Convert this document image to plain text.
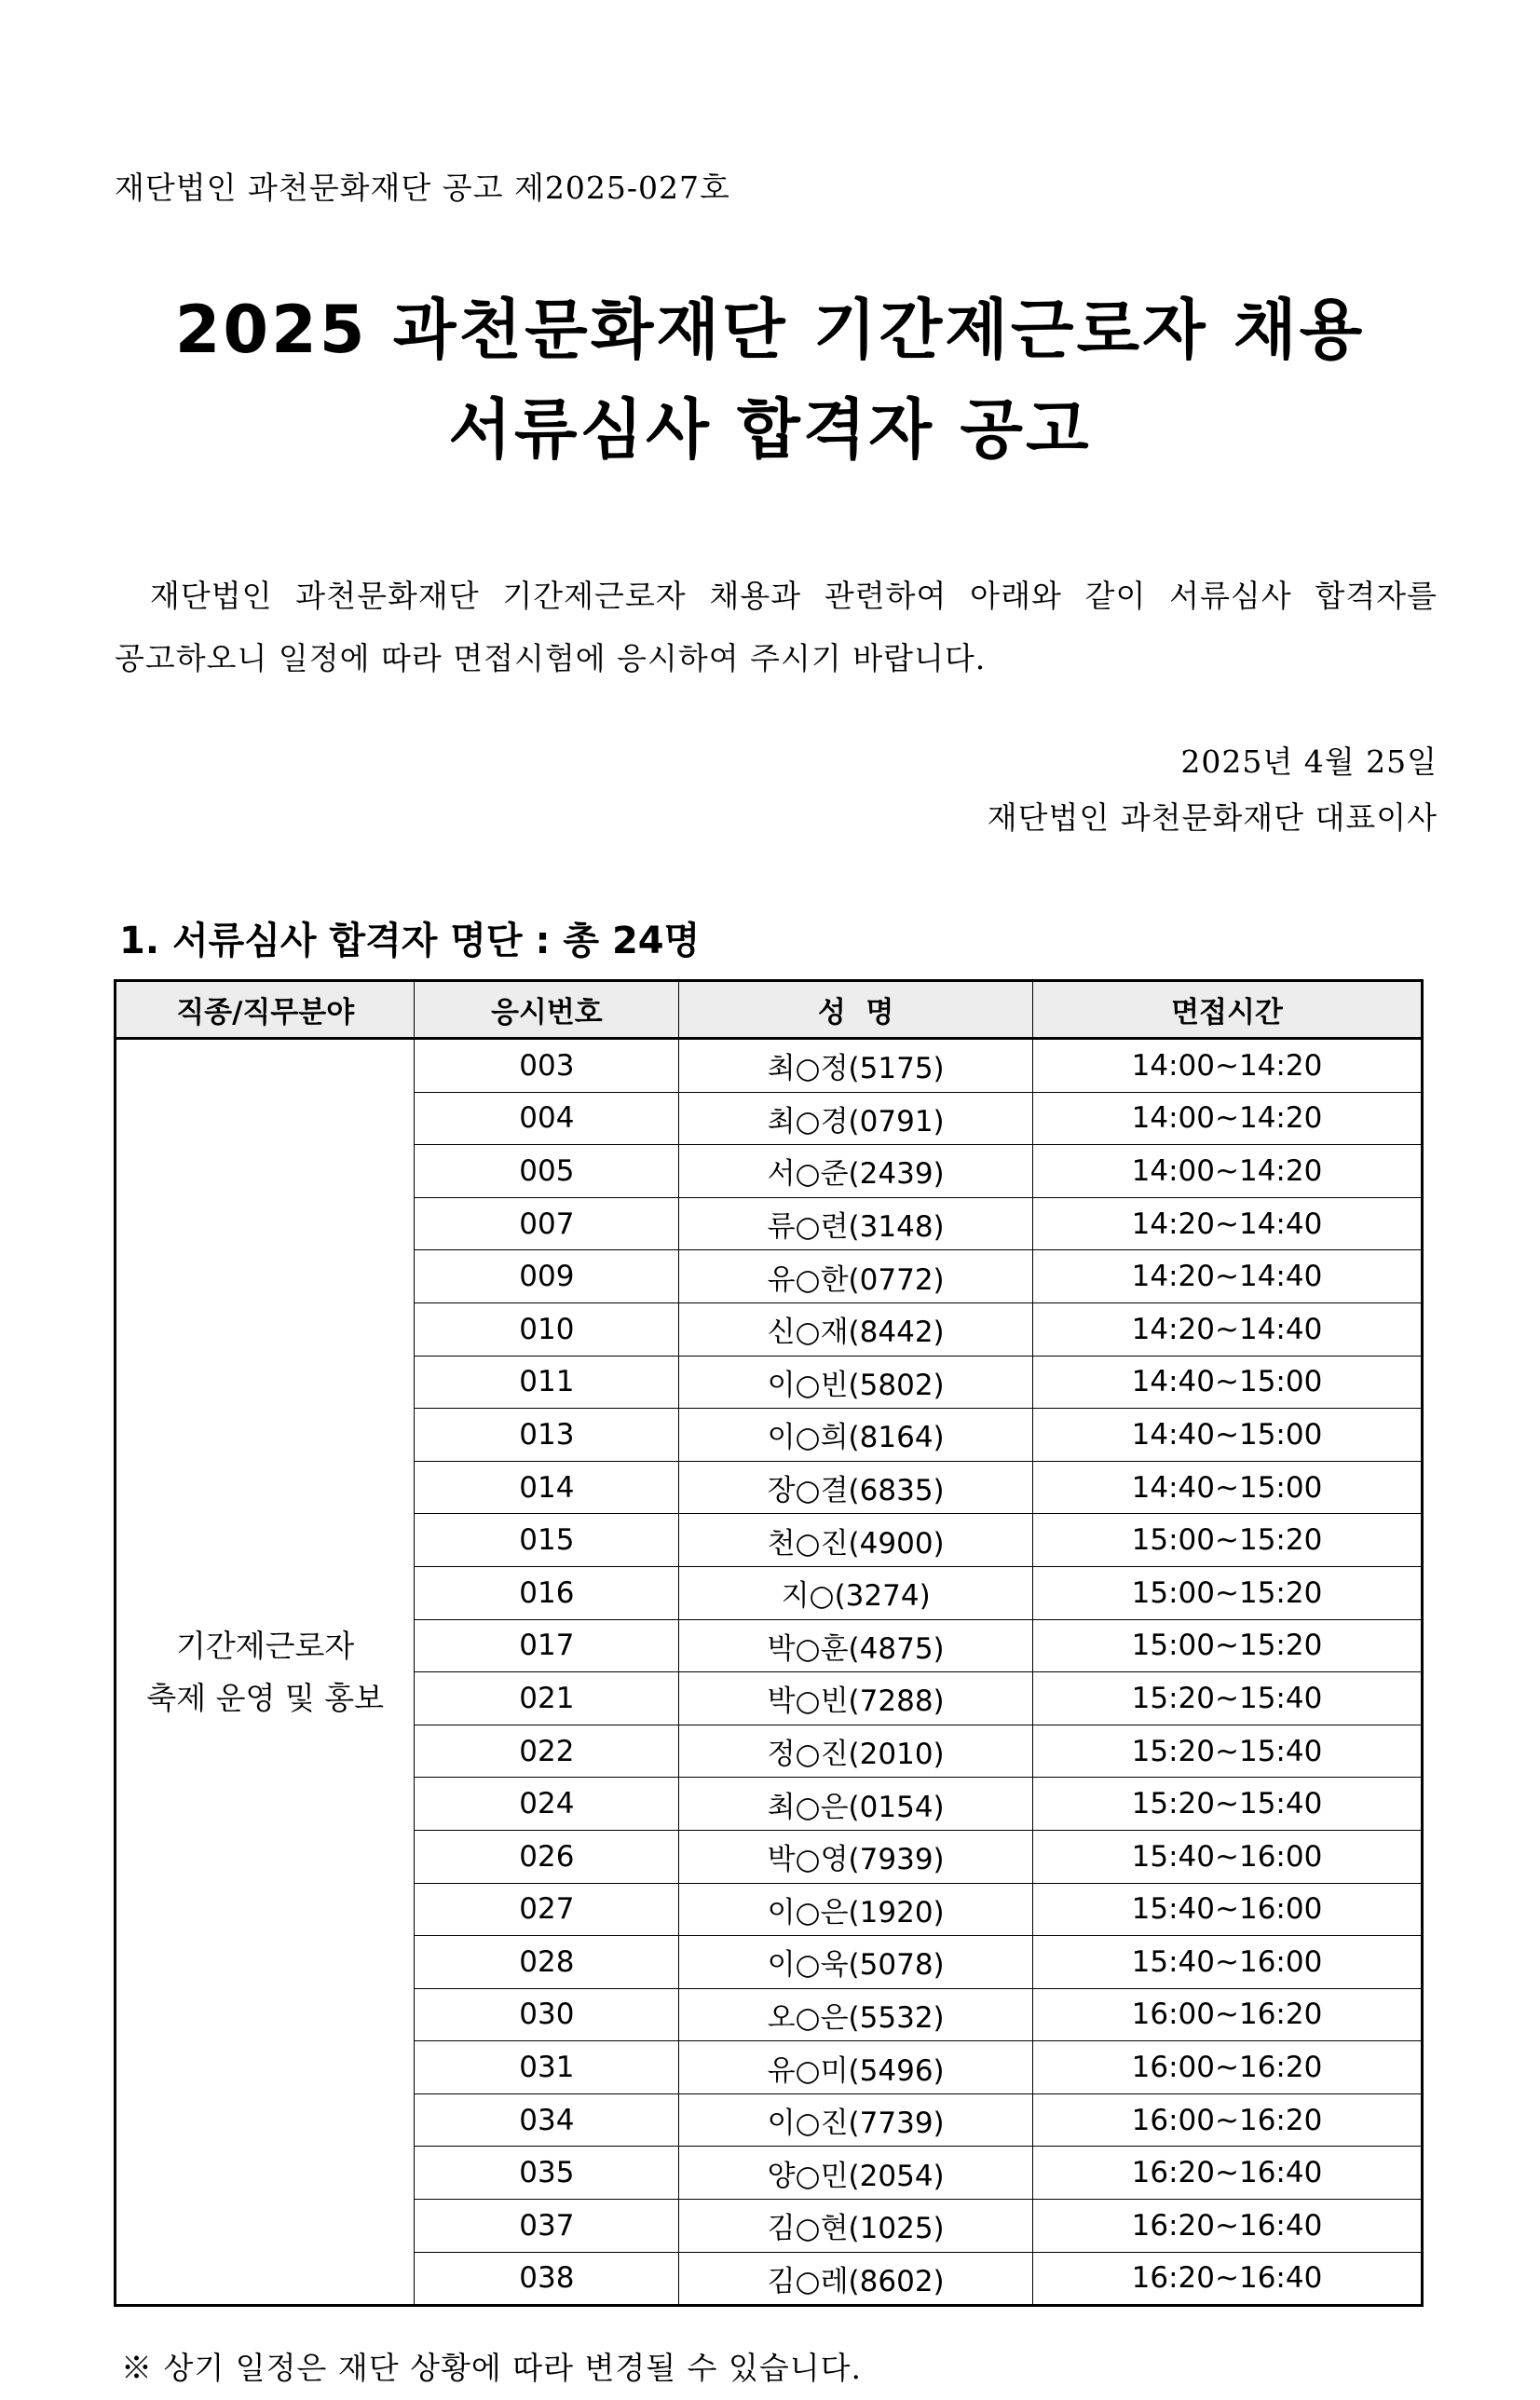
재단법인 과천문화재단 공고 제2025-027호
2025 과천문화재단 기간제근로자 채용
서류심사 합격자 공고
재단법인 과천문화재단 기간제근로자 채용과 관련하여 아래와 같이 서류심사 합격자를
공고하오니 일정에 따라 면접시험에 응시하여 주시기 바랍니다.
2025년 4월 25일
재단법인 과천문화재단 대표이사
1. 서류심사 합격자 명단 : 총 24명
직종/직무분야	응시번호	성  명	면접시간

기간제근로자
축제 운영 및 홍보	003	최○정(5175)	14:00~14:20
	004	최○경(0791)	14:00~14:20
	005	서○준(2439)	14:00~14:20
	007	류○련(3148)	14:20~14:40
	009	유○한(0772)	14:20~14:40
	010	신○재(8442)	14:20~14:40
	011	이○빈(5802)	14:40~15:00
	013	이○희(8164)	14:40~15:00
	014	장○결(6835)	14:40~15:00
	015	천○진(4900)	15:00~15:20
	016	지○(3274)	15:00~15:20
	017	박○훈(4875)	15:00~15:20
	021	박○빈(7288)	15:20~15:40
	022	정○진(2010)	15:20~15:40
	024	최○은(0154)	15:20~15:40
	026	박○영(7939)	15:40~16:00
	027	이○은(1920)	15:40~16:00
	028	이○욱(5078)	15:40~16:00
	030	오○은(5532)	16:00~16:20
	031	유○미(5496)	16:00~16:20
	034	이○진(7739)	16:00~16:20
	035	양○민(2054)	16:20~16:40
	037	김○현(1025)	16:20~16:40
	038	김○레(8602)	16:20~16:40
※ 상기 일정은 재단 상황에 따라 변경될 수 있습니다.
